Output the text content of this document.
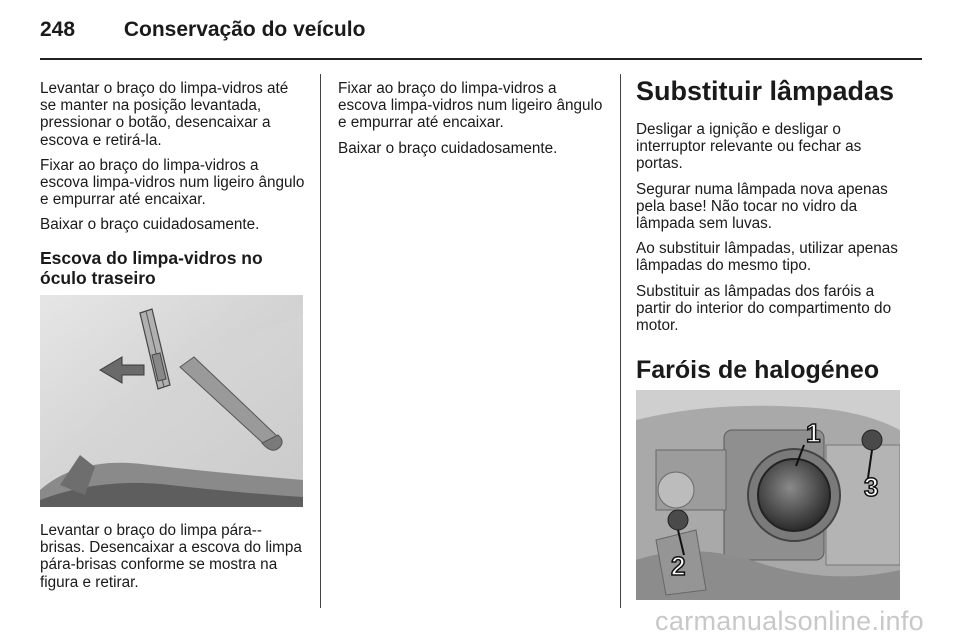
248 Conservação do veículo

Levantar o braço do limpa-vidros até se manter na posição levantada, pressionar o botão, desencaixar a escova e retirá-la.

Fixar ao braço do limpa-vidros a escova limpa-vidros num ligeiro ângulo e empurrar até encaixar.

Baixar o braço cuidadosamente.

Escova do limpa-vidros no óculo traseiro

Levantar o braço do limpa pára--brisas. Desencaixar a escova do limpa pára-brisas conforme se mostra na figura e retirar.

Fixar ao braço do limpa-vidros a escova limpa-vidros num ligeiro ângulo e empurrar até encaixar.

Baixar o braço cuidadosamente.

Substituir lâmpadas

Desligar a ignição e desligar o interruptor relevante ou fechar as portas.

Segurar numa lâmpada nova apenas pela base! Não tocar no vidro da lâmpada sem luvas.

Ao substituir lâmpadas, utilizar apenas lâmpadas do mesmo tipo.

Substituir as lâmpadas dos faróis a partir do interior do compartimento do motor.

Faróis de halogéneo
1
2
3
carmanualsonline.info
